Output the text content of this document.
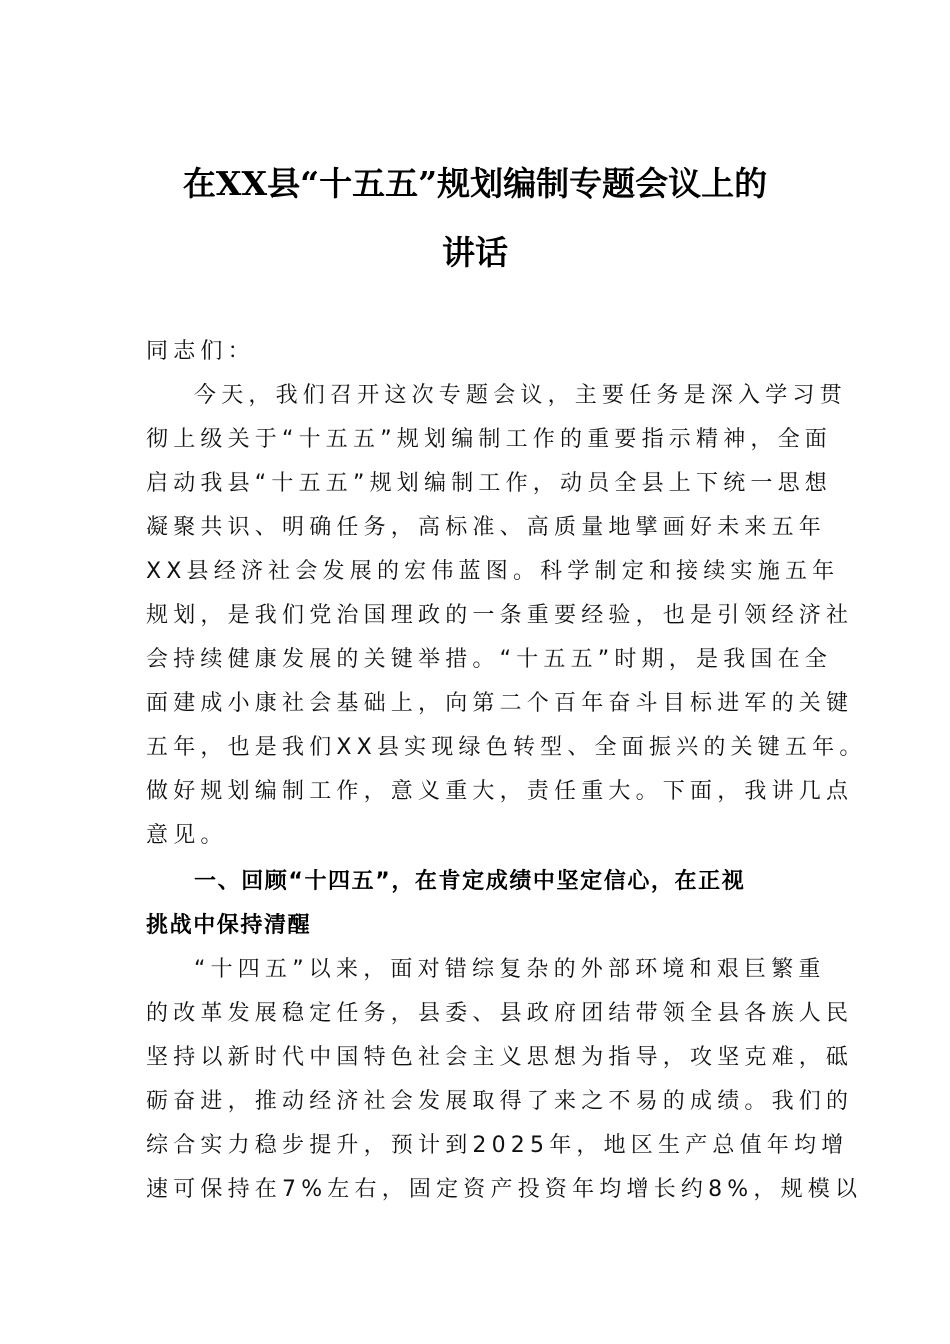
在XX县“十五五”规划编制专题会议上的
讲话
同志们：
今天，我们召开这次专题会议，主要任务是深入学习贯
彻上级关于“十五五”规划编制工作的重要指示精神，全面
启动我县“十五五”规划编制工作，动员全县上下统一思想
凝聚共识、明确任务，高标准、高质量地擘画好未来五年
XX县经济社会发展的宏伟蓝图。科学制定和接续实施五年
规划，是我们党治国理政的一条重要经验，也是引领经济社
会持续健康发展的关键举措。“十五五”时期，是我国在全
面建成小康社会基础上，向第二个百年奋斗目标进军的关键
五年，也是我们XX县实现绿色转型、全面振兴的关键五年。
做好规划编制工作，意义重大，责任重大。下面，我讲几点
意见。
一、回顾“十四五”，在肯定成绩中坚定信心，在正视
挑战中保持清醒
“十四五”以来，面对错综复杂的外部环境和艰巨繁重
的改革发展稳定任务，县委、县政府团结带领全县各族人民
坚持以新时代中国特色社会主义思想为指导，攻坚克难，砥
砺奋进，推动经济社会发展取得了来之不易的成绩。我们的
综合实力稳步提升，预计到2025年，地区生产总值年均增
速可保持在7%左右，固定资产投资年均增长约8%，规模以
